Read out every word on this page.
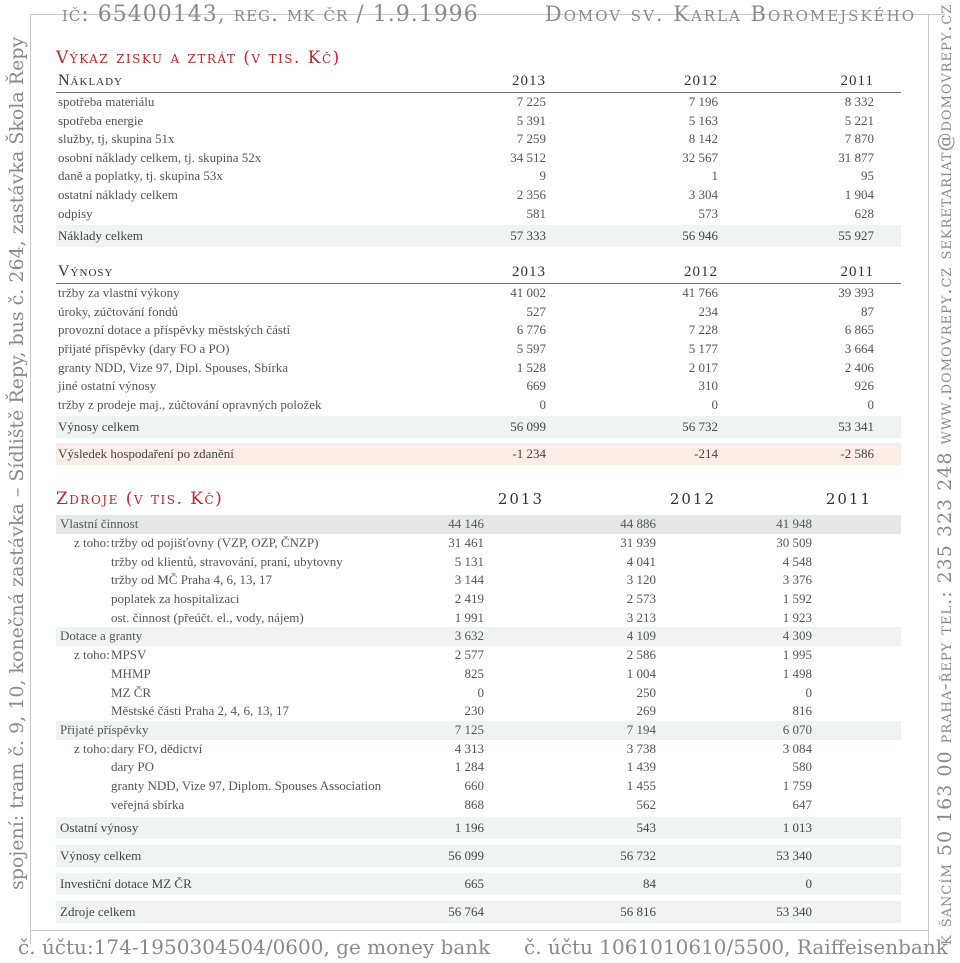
ič: 65400143, reg. mk čr / 1.9.1996	Domov sv. Karla Boromejského
spojení: tram č. 9, 10, konečná zastávka – Sídliště Řepy, bus č. 264, zastávka Škola Řepy	k šancím 50 163 00 praha-řepy tel.: 235 323 248 www.domovrepy.cz sekretariat@domovrepy.cz
č. účtu:174-1950304504/0600, ge money bank č. účtu 1061010610/5500, Raiffeisenbank
Výkaz zisku a ztrát (v tis. Kč)
Náklady	2013	2012	2011
spotřeba materiálu	7 225	7 196	8 332
spotřeba energie	5 391	5 163	5 221
služby, tj, skupina 51x	7 259	8 142	7 870
osobní náklady celkem, tj. skupina 52x	34 512	32 567	31 877
daně a poplatky, tj. skupina 53x	9	1	95
ostatní náklady celkem	2 356	3 304	1 904
odpisy	581	573	628
Náklady celkem	57 333	56 946	55 927
Výnosy	2013	2012	2011
tržby za vlastní výkony	41 002	41 766	39 393
úroky, zúčtování fondů	527	234	87
provozní dotace a příspěvky městských částí	6 776	7 228	6 865
přijaté příspěvky (dary FO a PO)	5 597	5 177	3 664
granty NDD, Vize 97, Dipl. Spouses, Sbírka	1 528	2 017	2 406
jiné ostatní výnosy	669	310	926
tržby z prodeje maj., zúčtování opravných položek	0	0	0
Výnosy celkem	56 099	56 732	53 341
Výsledek hospodaření po zdanění	-1 234	-214	-2 586
Zdroje (v tis. Kč)	2013	2012	2011
Vlastní činnost	44 146	44 886	41 948
z toho: tržby od pojišťovny (VZP, OZP, ČNZP)	31 461	31 939	30 509
tržby od klientů, stravování, praní, ubytovny	5 131	4 041	4 548
tržby od MČ Praha 4, 6, 13, 17	3 144	3 120	3 376
poplatek za hospitalizaci	2 419	2 573	1 592
ost. činnost (přeúčt. el., vody, nájem)	1 991	3 213	1 923
Dotace a granty	3 632	4 109	4 309
z toho: MPSV	2 577	2 586	1 995
MHMP	825	1 004	1 498
MZ ČR	0	250	0
Městské části Praha 2, 4, 6, 13, 17	230	269	816
Přijaté příspěvky	7 125	7 194	6 070
z toho: dary FO, dědictví	4 313	3 738	3 084
dary PO	1 284	1 439	580
granty NDD, Vize 97, Diplom. Spouses Association	660	1 455	1 759
veřejná sbírka	868	562	647
Ostatní výnosy	1 196	543	1 013
Výnosy celkem	56 099	56 732	53 340
Investiční dotace MZ ČR	665	84	0
Zdroje celkem	56 764	56 816	53 340
